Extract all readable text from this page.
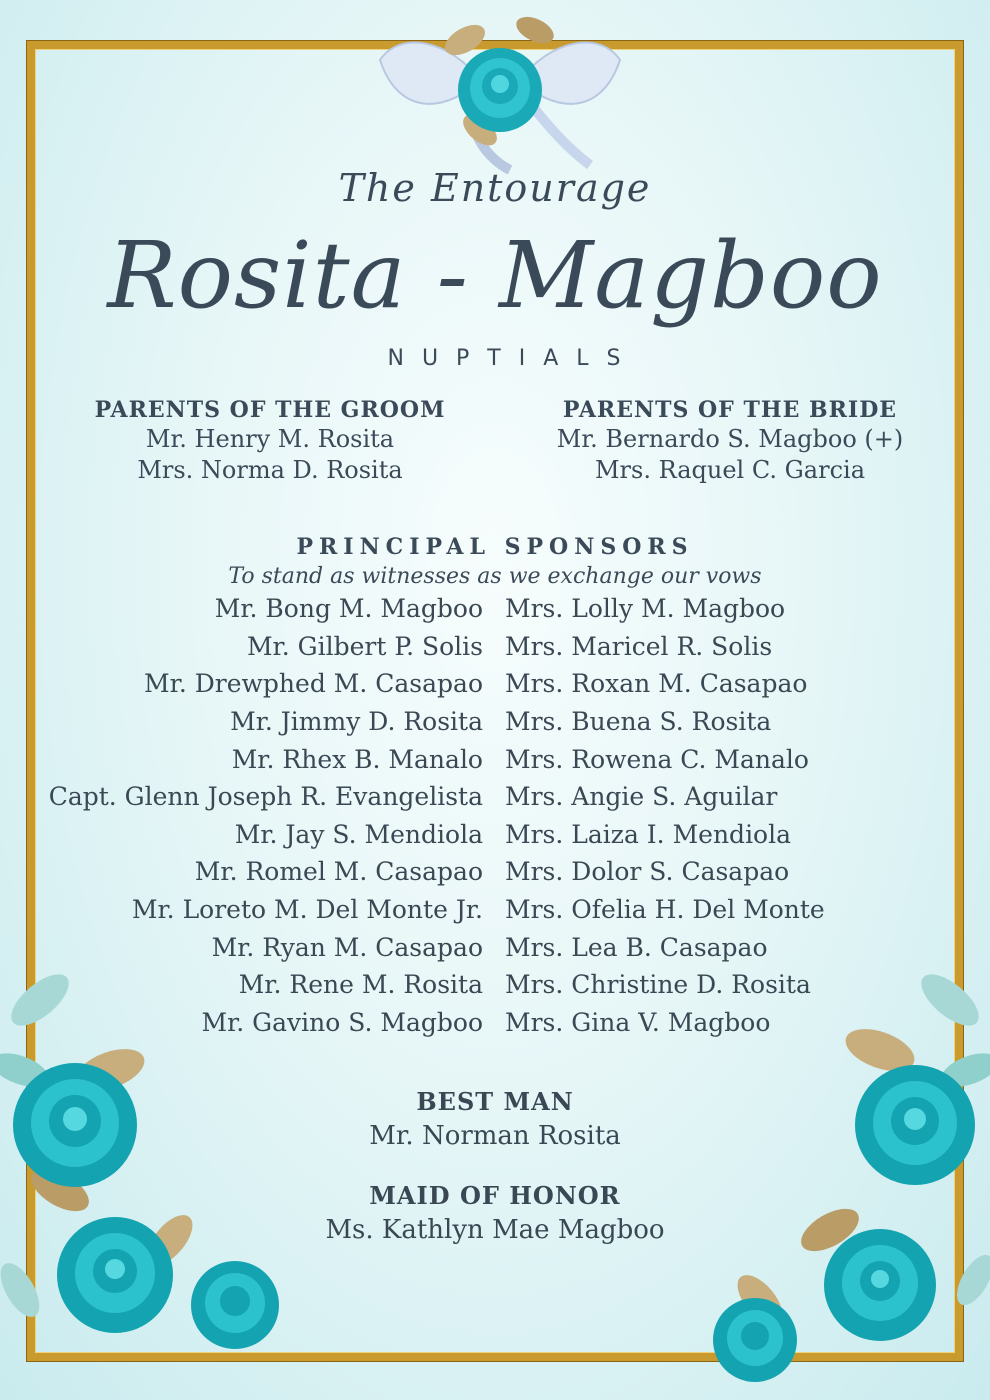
The Entourage
Rosita - Magboo
NUPTIALS
PARENTS OF THE GROOM
Mr. Henry M. Rosita
Mrs. Norma D. Rosita
PARENTS OF THE BRIDE
Mr. Bernardo S. Magboo (+)
Mrs. Raquel C. Garcia
PRINCIPAL SPONSORS
To stand as witnesses as we exchange our vows
Mr. Bong M. Magboo Mrs. Lolly M. Magboo
Mr. Gilbert P. Solis Mrs. Maricel R. Solis
Mr. Drewphed M. Casapao Mrs. Roxan M. Casapao
Mr. Jimmy D. Rosita Mrs. Buena S. Rosita
Mr. Rhex B. Manalo Mrs. Rowena C. Manalo
Capt. Glenn Joseph R. Evangelista Mrs. Angie S. Aguilar
Mr. Jay S. Mendiola Mrs. Laiza I. Mendiola
Mr. Romel M. Casapao Mrs. Dolor S. Casapao
Mr. Loreto M. Del Monte Jr. Mrs. Ofelia H. Del Monte
Mr. Ryan M. Casapao Mrs. Lea B. Casapao
Mr. Rene M. Rosita Mrs. Christine D. Rosita
Mr. Gavino S. Magboo Mrs. Gina V. Magboo
BEST MAN
Mr. Norman Rosita
MAID OF HONOR
Ms. Kathlyn Mae Magboo
